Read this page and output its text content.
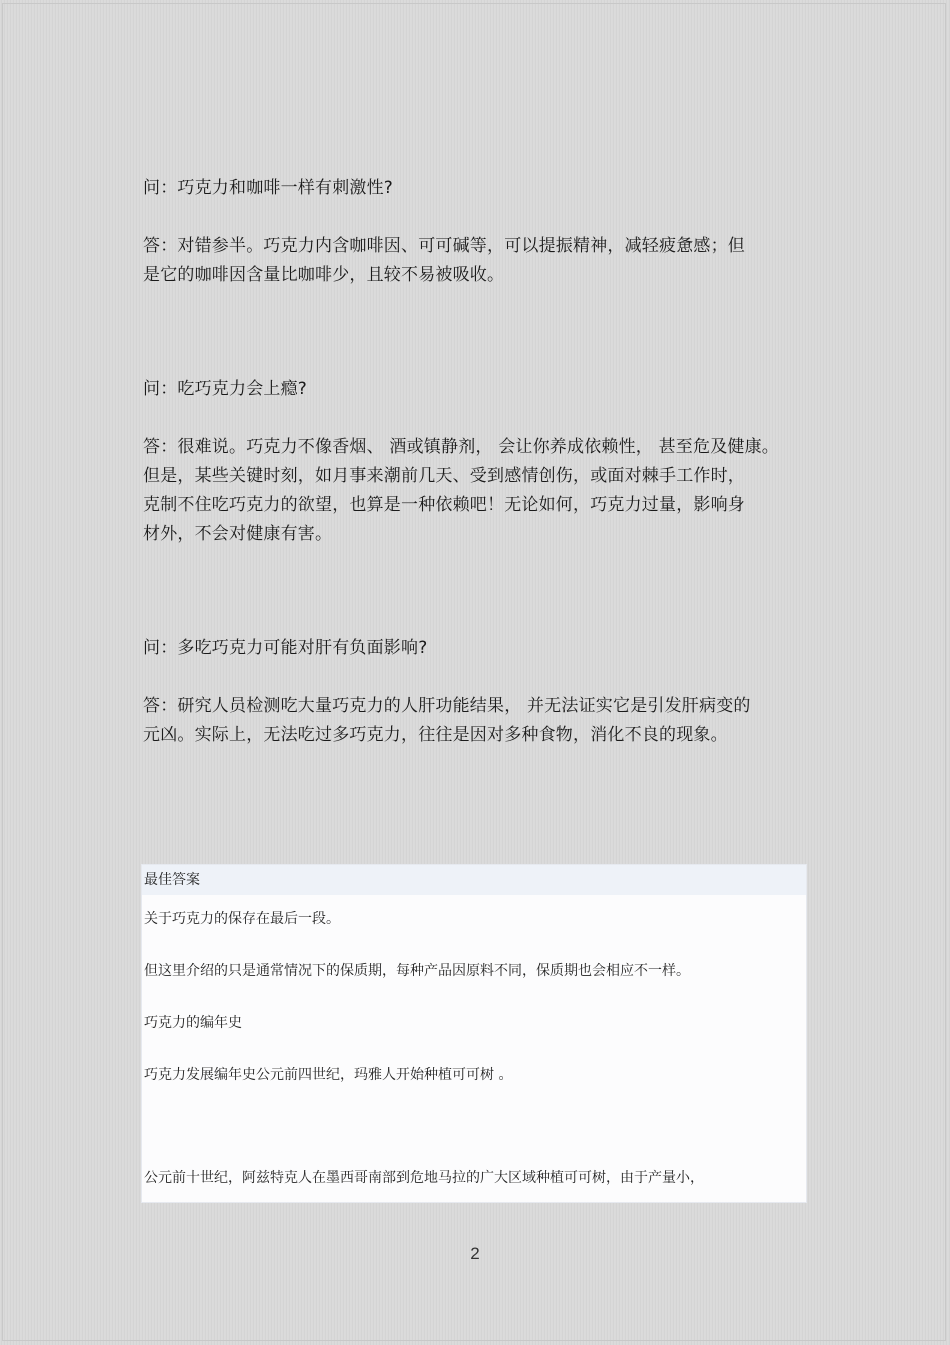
问：巧克力和咖啡一样有刺激性?
答：对错参半。巧克力内含咖啡因、可可碱等，可以提振精神，减轻疲惫感；但
是它的咖啡因含量比咖啡少，且较不易被吸收。
问：吃巧克力会上瘾?
答：很难说。巧克力不像香烟、 酒或镇静剂， 会让你养成依赖性， 甚至危及健康。
但是，某些关键时刻，如月事来潮前几天、受到感情创伤，或面对棘手工作时，
克制不住吃巧克力的欲望，也算是一种依赖吧！无论如何，巧克力过量，影响身
材外，不会对健康有害。
问：多吃巧克力可能对肝有负面影响?
答：研究人员检测吃大量巧克力的人肝功能结果， 并无法证实它是引发肝病变的
元凶。实际上，无法吃过多巧克力，往往是因对多种食物，消化不良的现象。
最佳答案
关于巧克力的保存在最后一段。
但这里介绍的只是通常情况下的保质期，每种产品因原料不同，保质期也会相应不一样。
巧克力的编年史
巧克力发展编年史公元前四世纪，玛雅人开始种植可可树 。
公元前十世纪，阿兹特克人在墨西哥南部到危地马拉的广大区域种植可可树，由于产量小，
2
